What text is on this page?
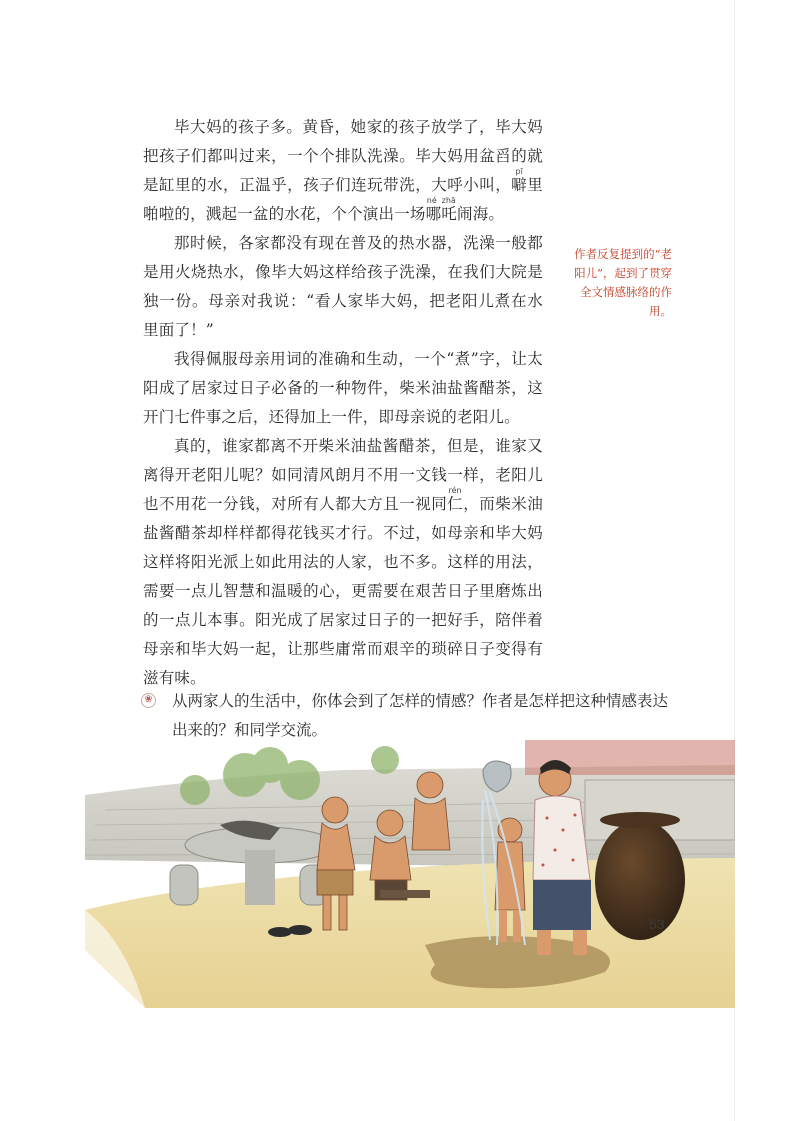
毕大妈的孩子多。黄昏，她家的孩子放学了，毕大妈把孩子们都叫过来，一个个排队洗澡。毕大妈用盆舀的就是缸里的水，正温乎，孩子们连玩带洗，大呼小叫，噼pī里啪啦的，溅起一盆的水花，个个演出一场哪吒né zhā闹海。

那时候，各家都没有现在普及的热水器，洗澡一般都是用火烧热水，像毕大妈这样给孩子洗澡，在我们大院是独一份。母亲对我说：“看人家毕大妈，把老阳儿煮在水里面了！”

我得佩服母亲用词的准确和生动，一个“煮”字，让太阳成了居家过日子必备的一种物件，柴米油盐酱醋茶，这开门七件事之后，还得加上一件，即母亲说的老阳儿。

真的，谁家都离不开柴米油盐酱醋茶，但是，谁家又离得开老阳儿呢？如同清风朗月不用一文钱一样，老阳儿也不用花一分钱，对所有人都大方且一视同仁rén，而柴米油盐酱醋茶却样样都得花钱买才行。不过，如母亲和毕大妈这样将阳光派上如此用法的人家，也不多。这样的用法，需要一点儿智慧和温暖的心，更需要在艰苦日子里磨炼出的一点儿本事。阳光成了居家过日子的一把好手，陪伴着母亲和毕大妈一起，让那些庸常而艰辛的琐碎日子变得有滋有味。

作者反复提到的“老阳儿”，起到了贯穿全文情感脉络的作用。
❀ 从两家人的生活中，你体会到了怎样的情感？作者是怎样把这种情感表达出来的？和同学交流。

53
